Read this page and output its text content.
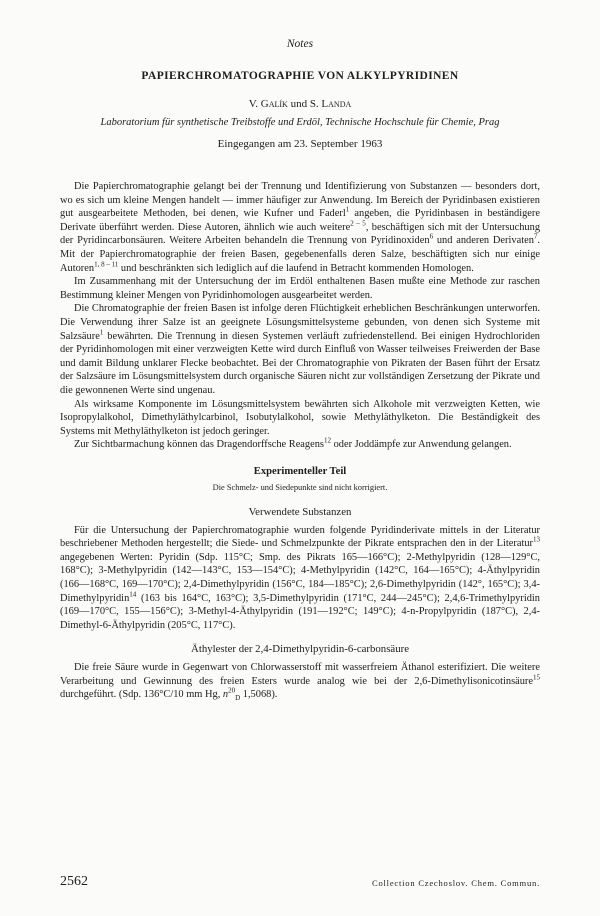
Notes
PAPIERCHROMATOGRAPHIE VON ALKYLPYRIDINEN
V. Galík und S. Landa
Laboratorium für synthetische Treibstoffe und Erdöl, Technische Hochschule für Chemie, Prag
Eingegangen am 23. September 1963

Die Papierchromatographie gelangt bei der Trennung und Identifizierung von Substanzen — besonders dort, wo es sich um kleine Mengen handelt — immer häufiger zur Anwendung. Im Bereich der Pyridinbasen existieren gut ausgearbeitete Methoden, bei denen, wie Kufner und Faderl$^1$ angeben, die Pyridinbasen in beständigere Derivate überführt werden. Diese Autoren, ähnlich wie auch weitere$^{2 - 5}$, beschäftigen sich mit der Untersuchung der Pyridincarbonsäuren. Weitere Arbeiten behandeln die Trennung von Pyridinoxiden$^6$ und anderen Derivaten$^7$. Mit der Papierchromatographie der freien Basen, gegebenenfalls deren Salze, beschäftigten sich nur einige Autoren$^{1, 8 - 11}$ und beschränkten sich lediglich auf die laufend in Betracht kommenden Homologen.

Im Zusammenhang mit der Untersuchung der im Erdöl enthaltenen Basen mußte eine Methode zur raschen Bestimmung kleiner Mengen von Pyridinhomologen ausgearbeitet werden.

Die Chromatographie der freien Basen ist infolge deren Flüchtigkeit erheblichen Beschränkungen unterworfen. Die Verwendung ihrer Salze ist an geeignete Lösungsmittelsysteme gebunden, von denen sich Systeme mit Salzsäure$^1$ bewährten. Die Trennung in diesen Systemen verläuft zufriedenstellend. Bei einigen Hydrochloriden der Pyridinhomologen mit einer verzweigten Kette wird durch Einfluß von Wasser teilweises Freiwerden der Base und damit Bildung unklarer Flecke beobachtet. Bei der Chromatographie von Pikraten der Basen führt der Ersatz der Salzsäure im Lösungsmittelsystem durch organische Säuren nicht zur vollständigen Zersetzung der Pikrate und die gewonnenen Werte sind ungenau.

Als wirksame Komponente im Lösungsmittelsystem bewährten sich Alkohole mit verzweigten Ketten, wie Isopropylalkohol, Dimethyläthylcarbinol, Isobutylalkohol, sowie Methyläthylketon. Die Beständigkeit des Systems mit Methyläthylketon ist jedoch geringer.

Zur Sichtbarmachung können das Dragendorffsche Reagens$^{12}$ oder Joddämpfe zur Anwendung gelangen.

Experimenteller Teil

Die Schmelz- und Siedepunkte sind nicht korrigiert.

Verwendete Substanzen

Für die Untersuchung der Papierchromatographie wurden folgende Pyridinderivate mittels in der Literatur beschriebener Methoden hergestellt; die Siede- und Schmelzpunkte der Pikrate entsprachen den in der Literatur$^{13}$ angegebenen Werten: Pyridin (Sdp. 115°C; Smp. des Pikrats 165—166°C); 2-Methylpyridin (128—129°C, 168°C); 3-Methylpyridin (142—143°C, 153—154°C); 4-Methylpyridin (142°C, 164—165°C); 4-Äthylpyridin (166—168°C, 169—170°C); 2,4-Dimethylpyridin (156°C, 184—185°C); 2,6-Dimethylpyridin (142°, 165°C); 3,4-Dimethylpyridin$^{14}$ (163 bis 164°C, 163°C); 3,5-Dimethylpyridin (171°C, 244—245°C); 2,4,6-Trimethylpyridin (169—170°C, 155—156°C); 3-Methyl-4-Äthylpyridin (191—192°C; 149°C); 4-n-Propylpyridin (187°C), 2,4-Dimethyl-6-Äthylpyridin (205°C, 117°C).

Äthylester der 2,4-Dimethylpyridin-6-carbonsäure

Die freie Säure wurde in Gegenwart von Chlorwasserstoff mit wasserfreiem Äthanol esterifiziert. Die weitere Verarbeitung und Gewinnung des freien Esters wurde analog wie bei der 2,6-Dimethylisonicotinsäure$^{15}$ durchgeführt. (Sdp. 136°C/10 mm Hg, $n^{20}_D$ 1,5068).

2562	Collection Czechoslov. Chem. Commun.
